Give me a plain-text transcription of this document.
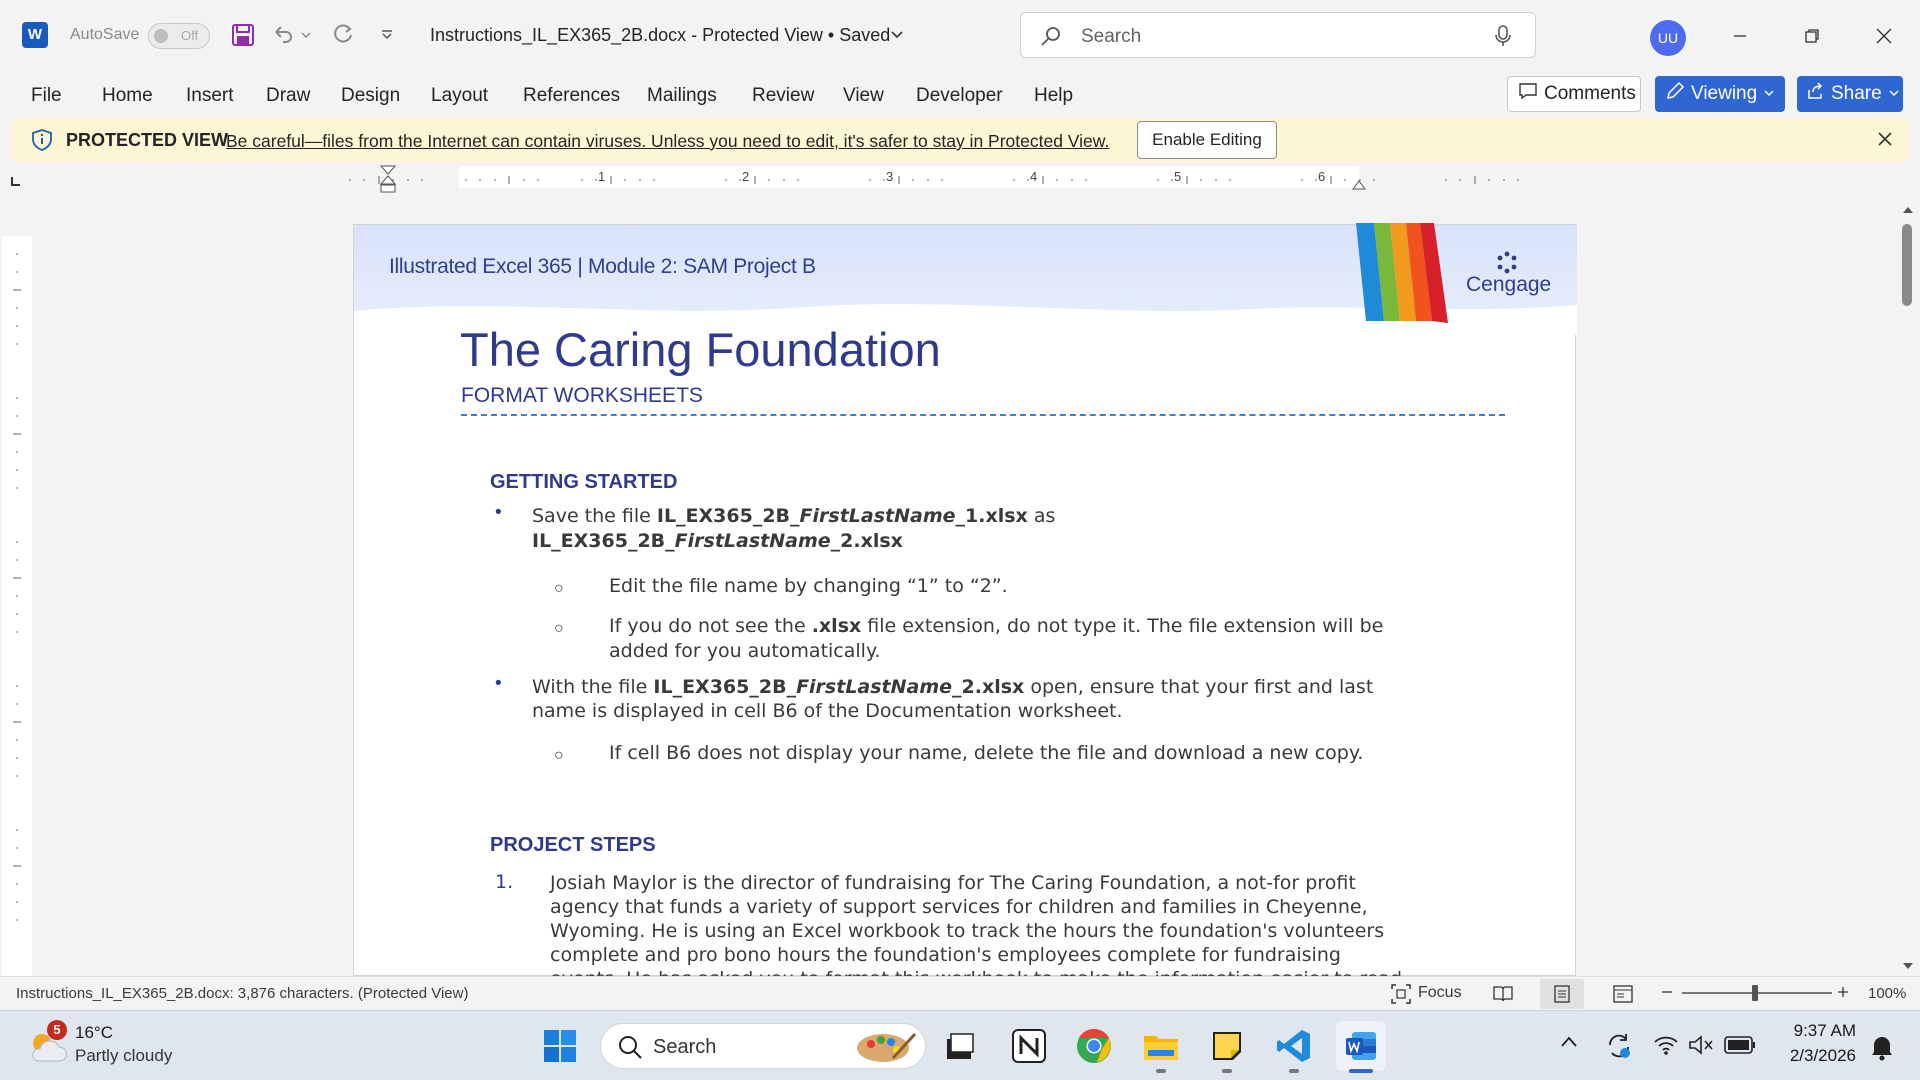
W	AutoSave	Off	Instructions_IL_EX365_2B.docx - Protected View • Saved	Search	UU
File Home Insert Draw Design Layout References Mailings Review View Developer Help	Comments	Viewing	Share
PROTECTED VIEW
Be careful—files from the Internet can contain viruses. Unless you need to edit, it's safer to stay in Protected View.	Enable Editing
1	2	3	4	5	6
Illustrated Excel 365 | Module 2: SAM Project B
Cengage
The Caring Foundation
FORMAT WORKSHEETS
GETTING STARTED
• Save the file IL_EX365_2B_FirstLastName_1.xlsx as
IL_EX365_2B_FirstLastName_2.xlsx
○ Edit the file name by changing “1” to “2”.
○ If you do not see the .xlsx file extension, do not type it. The file extension will be
added for you automatically.
• With the file IL_EX365_2B_FirstLastName_2.xlsx open, ensure that your first and last
name is displayed in cell B6 of the Documentation worksheet.
○ If cell B6 does not display your name, delete the file and download a new copy.
PROJECT STEPS
1. Josiah Maylor is the director of fundraising for The Caring Foundation, a not-for profit
agency that funds a variety of support services for children and families in Cheyenne,
Wyoming. He is using an Excel workbook to track the hours the foundation's volunteers
complete and pro bono hours the foundation's employees complete for fundraising
Instructions_IL_EX365_2B.docx: 3,876 characters. (Protected View)	Focus	100%
5 16°C
Partly cloudy	Search
9:37 AM
2/3/2026
